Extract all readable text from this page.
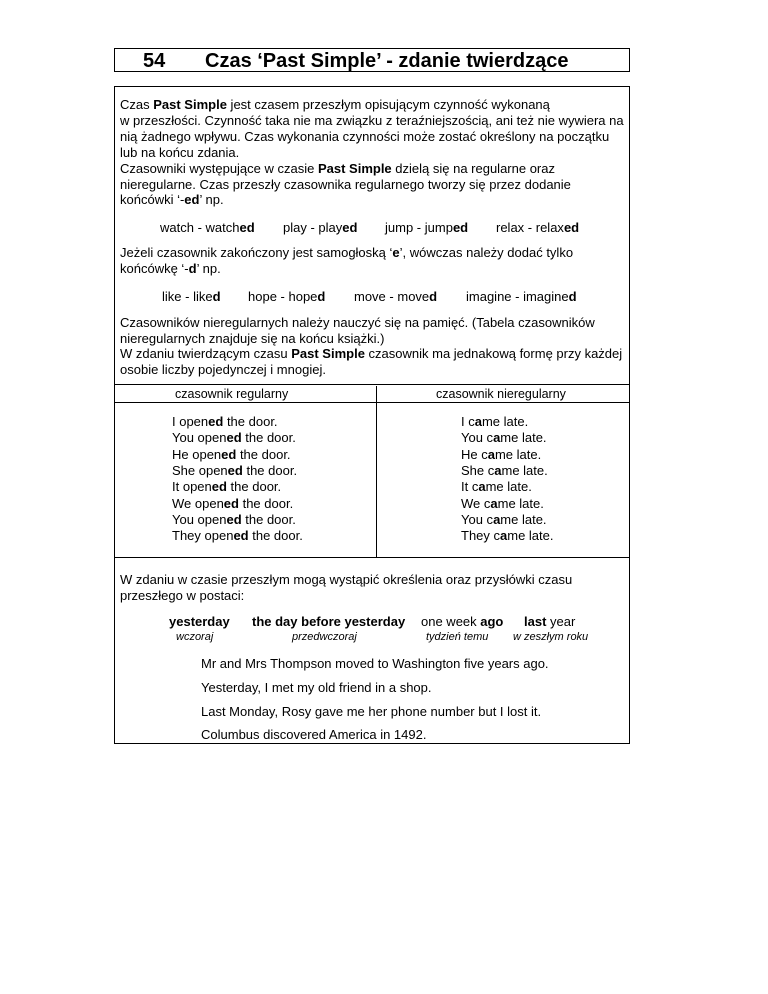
54 Czas ‘Past Simple’ - zdanie twierdzące
Czas Past Simple jest czasem przeszłym opisującym czynność wykonaną
w przeszłości. Czynność taka nie ma związku z teraźniejszością, ani też nie wywiera na
nią żadnego wpływu. Czas wykonania czynności może zostać określony na początku
lub na końcu zdania.
Czasowniki występujące w czasie Past Simple dzielą się na regularne oraz
nieregularne. Czas przeszły czasownika regularnego tworzy się przez dodanie
końcówki ‘-ed’ np.
watch - watched play - played jump - jumped relax - relaxed
Jeżeli czasownik zakończony jest samogłoską ‘e’, wówczas należy dodać tylko
końcówkę ‘-d’ np.
like - liked hope - hoped move - moved imagine - imagined
Czasowników nieregularnych należy nauczyć się na pamięć. (Tabela czasowników
nieregularnych znajduje się na końcu książki.)
W zdaniu twierdzącym czasu Past Simple czasownik ma jednakową formę przy każdej
osobie liczby pojedynczej i mnogiej.
czasownik regularny	czasownik nieregularny
I opened the door.
You opened the door.
He opened the door.
She opened the door.
It opened the door.
We opened the door.
You opened the door.
They opened the door.
I came late.
You came late.
He came late.
She came late.
It came late.
We came late.
You came late.
They came late.
W zdaniu w czasie przeszłym mogą wystąpić określenia oraz przysłówki czasu
przeszłego w postaci:
yesterday
wczoraj
the day before yesterday
przedwczoraj
one week ago
tydzień temu
last year
w zeszłym roku
Mr and Mrs Thompson moved to Washington five years ago.
Yesterday, I met my old friend in a shop.
Last Monday, Rosy gave me her phone number but I lost it.
Columbus discovered America in 1492.
